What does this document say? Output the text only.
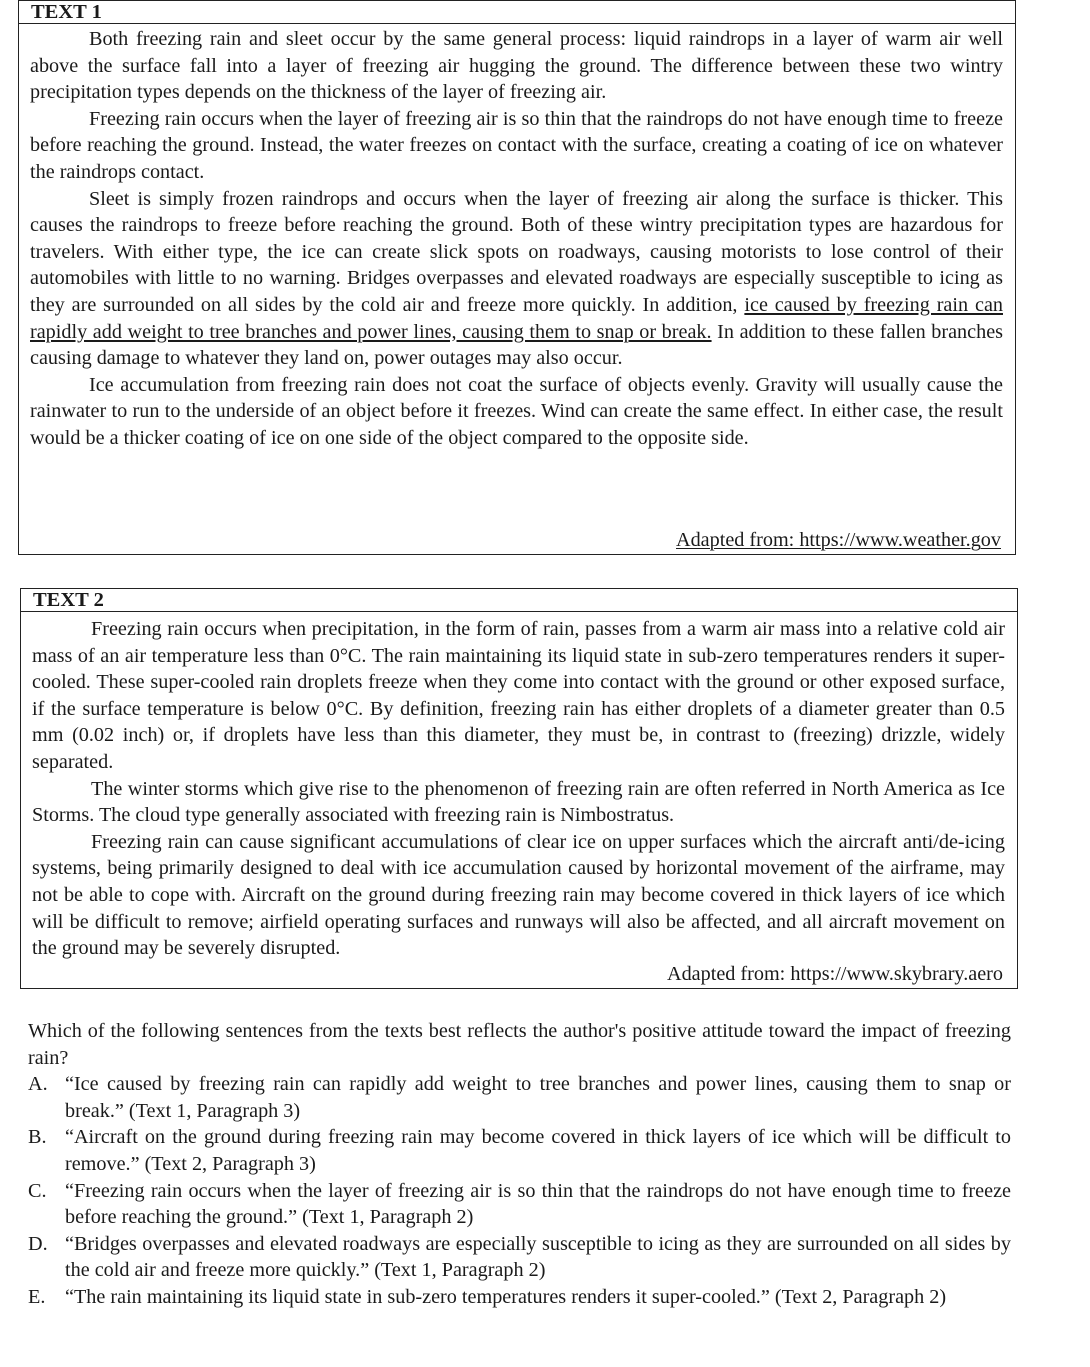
TEXT 1

Both freezing rain and sleet occur by the same general process: liquid raindrops in a layer of warm air well above the surface fall into a layer of freezing air hugging the ground. The difference between these two wintry precipitation types depends on the thickness of the layer of freezing air.

Freezing rain occurs when the layer of freezing air is so thin that the raindrops do not have enough time to freeze before reaching the ground. Instead, the water freezes on contact with the surface, creating a coating of ice on whatever the raindrops contact.

Sleet is simply frozen raindrops and occurs when the layer of freezing air along the surface is thicker. This causes the raindrops to freeze before reaching the ground. Both of these wintry precipitation types are hazardous for travelers. With either type, the ice can create slick spots on roadways, causing motorists to lose control of their automobiles with little to no warning. Bridges overpasses and elevated roadways are especially susceptible to icing as they are surrounded on all sides by the cold air and freeze more quickly. In addition, ice caused by freezing rain can rapidly add weight to tree branches and power lines, causing them to snap or break. In addition to these fallen branches causing damage to whatever they land on, power outages may also occur.

Ice accumulation from freezing rain does not coat the surface of objects evenly. Gravity will usually cause the rainwater to run to the underside of an object before it freezes. Wind can create the same effect. In either case, the result would be a thicker coating of ice on one side of the object compared to the opposite side.

Adapted from: https://www.weather.gov
TEXT 2

Freezing rain occurs when precipitation, in the form of rain, passes from a warm air mass into a relative cold air mass of an air temperature less than 0°C. The rain maintaining its liquid state in sub-zero temperatures renders it super-cooled. These super-cooled rain droplets freeze when they come into contact with the ground or other exposed surface, if the surface temperature is below 0°C. By definition, freezing rain has either droplets of a diameter greater than 0.5 mm (0.02 inch) or, if droplets have less than this diameter, they must be, in contrast to (freezing) drizzle, widely separated.

The winter storms which give rise to the phenomenon of freezing rain are often referred in North America as Ice Storms. The cloud type generally associated with freezing rain is Nimbostratus.

Freezing rain can cause significant accumulations of clear ice on upper surfaces which the aircraft anti/de-icing systems, being primarily designed to deal with ice accumulation caused by horizontal movement of the airframe, may not be able to cope with. Aircraft on the ground during freezing rain may become covered in thick layers of ice which will be difficult to remove; airfield operating surfaces and runways will also be affected, and all aircraft movement on the ground may be severely disrupted.

Adapted from: https://www.skybrary.aero

Which of the following sentences from the texts best reflects the author's positive attitude toward the impact of freezing rain?

A. “Ice caused by freezing rain can rapidly add weight to tree branches and power lines, causing them to snap or break.” (Text 1, Paragraph 3)
B. “Aircraft on the ground during freezing rain may become covered in thick layers of ice which will be difficult to remove.” (Text 2, Paragraph 3)
C. “Freezing rain occurs when the layer of freezing air is so thin that the raindrops do not have enough time to freeze before reaching the ground.” (Text 1, Paragraph 2)
D. “Bridges overpasses and elevated roadways are especially susceptible to icing as they are surrounded on all sides by the cold air and freeze more quickly.” (Text 1, Paragraph 2)
E. “The rain maintaining its liquid state in sub-zero temperatures renders it super-cooled.” (Text 2, Paragraph 2)
